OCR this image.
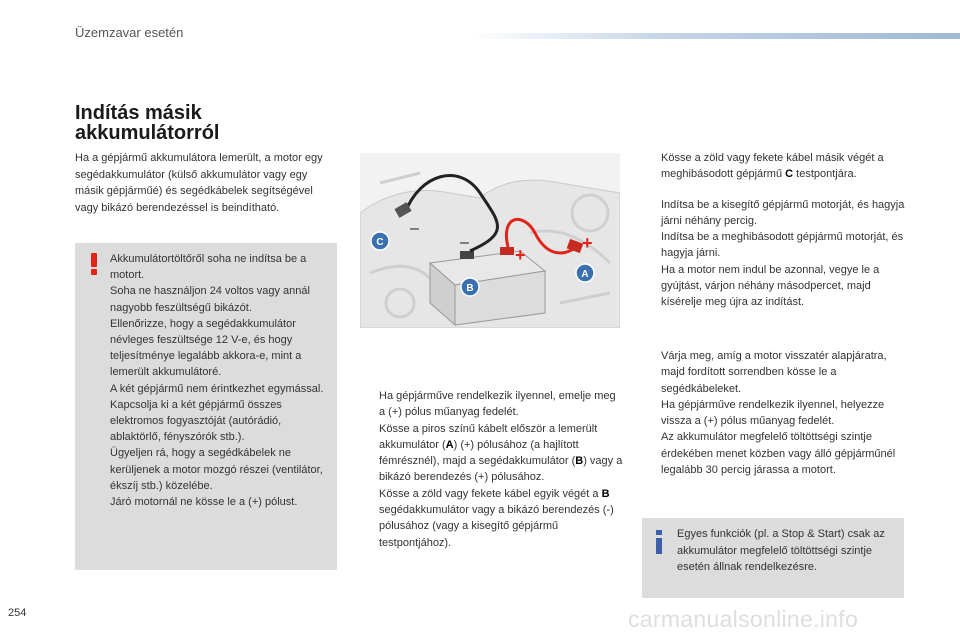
Üzemzavar esetén
Indítás másik
akkumulátorról

Ha a gépjármű akkumulátora lemerült, a motor egy segédakkumulátor (külső akkumulátor vagy egy másik gépjárműé) és segédkábelek segítségével vagy bikázó berendezéssel is beindítható.

Akkumulátortöltőről soha ne indítsa be a motort.
Soha ne használjon 24 voltos vagy annál nagyobb feszültségű bikázót.
Ellenőrizze, hogy a segédakkumulátor névleges feszültsége 12 V-e, és hogy teljesítménye legalább akkora-e, mint a lemerült akkumulátoré.
A két gépjármű nem érintkezhet egymással.
Kapcsolja ki a két gépjármű összes elektromos fogyasztóját (autórádió, ablaktörlő, fényszórók stb.).
Ügyeljen rá, hogy a segédkábelek ne kerüljenek a motor mozgó részei (ventilátor, ékszíj stb.) közelébe.
Járó motornál ne kösse le a (+) pólust.
–
–	+
+
C
B
A
Ha gépjárműve rendelkezik ilyennel, emelje meg a (+) pólus műanyag fedelét.
Kösse a piros színű kábelt először a lemerült akkumulátor (A) (+) pólusához (a hajlított fémrésznél), majd a segédakkumulátor (B) vagy a bikázó berendezés (+) pólusához.
Kösse a zöld vagy fekete kábel egyik végét a B segédakkumulátor vagy a bikázó berendezés (-) pólusához (vagy a kisegítő gépjármű testpontjához).
Kösse a zöld vagy fekete kábel másik végét a meghibásodott gépjármű C testpontjára.
Indítsa be a kisegítő gépjármű motorját, és hagyja járni néhány percig.
Indítsa be a meghibásodott gépjármű motorját, és hagyja járni.
Ha a motor nem indul be azonnal, vegye le a gyújtást, várjon néhány másodpercet, majd kísérelje meg újra az indítást.
Várja meg, amíg a motor visszatér alapjáratra, majd fordított sorrendben kösse le a segédkábeleket.
Ha gépjárműve rendelkezik ilyennel, helyezze vissza a (+) pólus műanyag fedelét.
Az akkumulátor megfelelő töltöttségi szintje érdekében menet közben vagy álló gépjárműnél legalább 30 percig járassa a motort.
Egyes funkciók (pl. a Stop & Start) csak az akkumulátor megfelelő töltöttségi szintje esetén állnak rendelkezésre.
254	carmanualsonline.info
